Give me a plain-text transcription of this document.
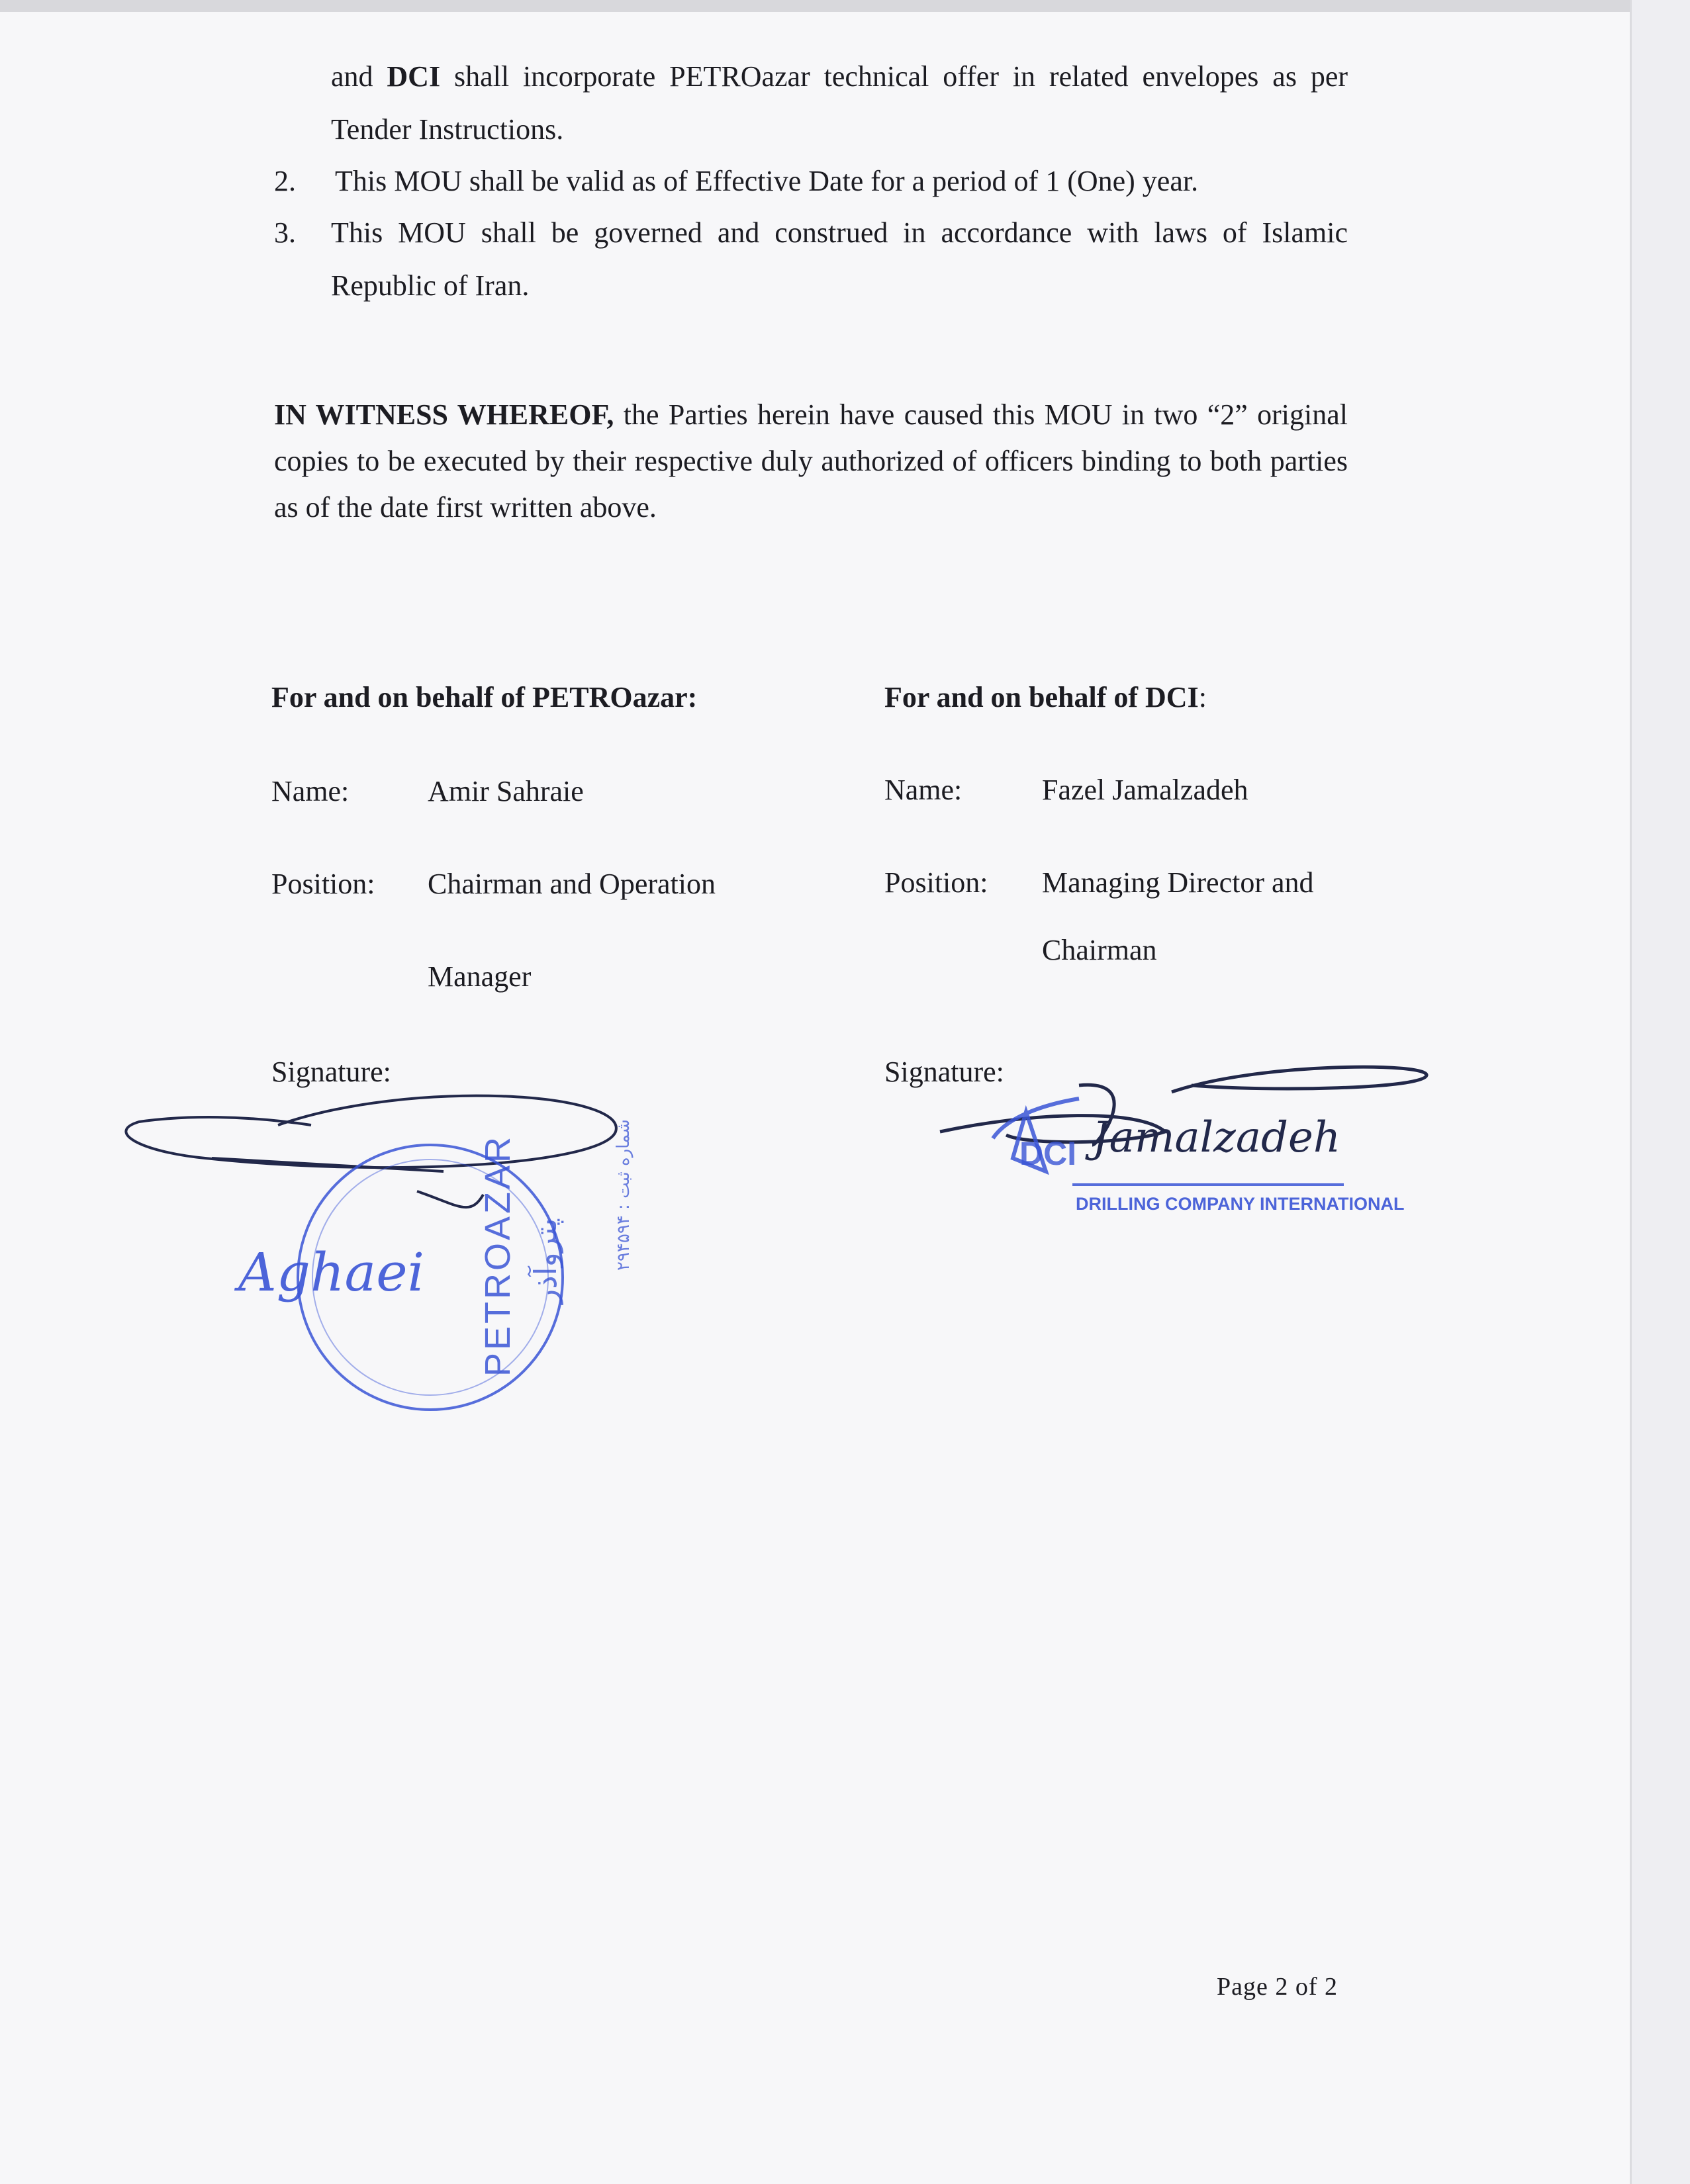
and DCI shall incorporate PETROazar technical offer in related envelopes as per

Tender Instructions.
2. This MOU shall be valid as of Effective Date for a period of 1 (One) year.
3. This MOU shall be governed and construed in accordance with laws of Islamic

Republic of Iran.

IN WITNESS WHEREOF, the Parties herein have caused this MOU in two “2” original copies to be executed by their respective duly authorized of officers binding to both parties as of the date first written above.

For and on behalf of PETROazar:
Name:	Amir Sahraie
Position: Chairman and Operation
Manager
Signature:
PETROAZAR پتروآذر	۲۹۴۵۹۴ : شماره ثبت
Aghaei
For and on behalf of DCI:
Name:	Fazel Jamalzadeh
Position: Managing Director and
Chairman
Signature:
DCI Jamalzadeh
DRILLING COMPANY INTERNATIONAL
Page 2 of 2
